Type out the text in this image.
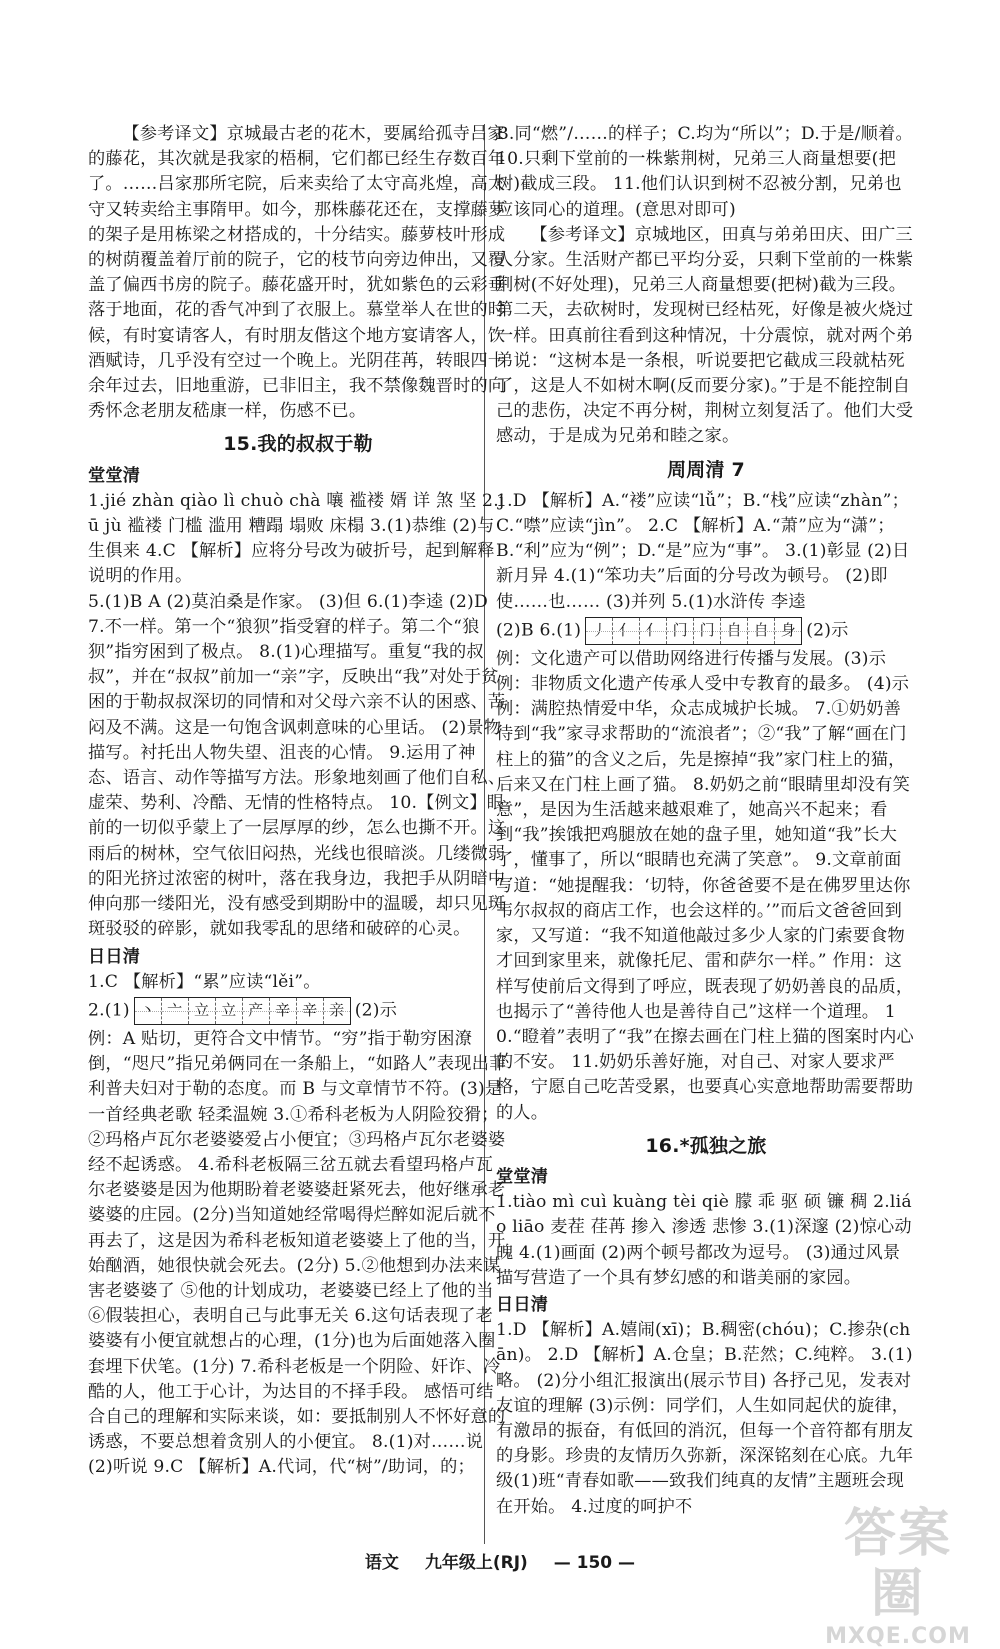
【参考译文】京城最古老的花木，要属给孤寺吕家的藤花，其次就是我家的梧桐，它们都已经生存数百年了。……吕家那所宅院，后来卖给了太守高兆煌，高太守又转卖给主事隋甲。如今，那株藤花还在，支撑藤萝的架子是用栋梁之材搭成的，十分结实。藤萝枝叶形成的树荫覆盖着厅前的院子，它的枝节向旁边伸出，又覆盖了偏西书房的院子。藤花盛开时，犹如紫色的云彩垂落于地面，花的香气冲到了衣服上。慕堂举人在世的时候，有时宴请客人，有时朋友偕这个地方宴请客人，饮酒赋诗，几乎没有空过一个晚上。光阴荏苒，转眼四十余年过去，旧地重游，已非旧主，我不禁像魏晋时的向秀怀念老朋友嵇康一样，伤感不已。

15.我的叔叔于勒
堂堂清

1.jié zhàn qiào lì chuò chà 嚷 褴褛 婿 详 煞 坚 2.jū jù 褴褛 门槛 滥用 糟蹋 塌败 床榻 3.(1)恭维 (2)与生俱来 4.C 【解析】应将分号改为破折号，起到解释说明的作用。

5.(1)B A (2)莫泊桑是作家。 (3)但 6.(1)李逵 (2)D 7.不一样。第一个“狼狈”指受窘的样子。第二个“狼狈”指穷困到了极点。 8.(1)心理描写。重复“我的叔叔”，并在“叔叔”前加一“亲”字，反映出“我”对处于贫困的于勒叔叔深切的同情和对父母六亲不认的困惑、苦闷及不满。这是一句饱含讽刺意味的心里话。 (2)景物描写。衬托出人物失望、沮丧的心情。 9.运用了神态、语言、动作等描写方法。形象地刻画了他们自私、虚荣、势利、冷酷、无情的性格特点。 10.【例文】眼前的一切似乎蒙上了一层厚厚的纱，怎么也撕不开。这雨后的树林，空气依旧闷热，光线也很暗淡。几缕微弱的阳光挤过浓密的树叶，落在我身边，我把手从阴暗中伸向那一缕阳光，没有感受到期盼中的温暖，却只见斑斑驳驳的碎影，就如我零乱的思绪和破碎的心灵。

日日清

1.C 【解析】“累”应读“lěi”。

2.(1) 丶 亠 立 立 产 辛 辛 亲 (2)示

例：A 贴切，更符合文中情节。“穷”指于勒穷困潦倒，“咫尺”指兄弟俩同在一条船上，“如路人”表现出菲利普夫妇对于勒的态度。而 B 与文章情节不符。(3)是一首经典老歌 轻柔温婉 3.①希科老板为人阴险狡猾；②玛格卢瓦尔老婆婆爱占小便宜；③玛格卢瓦尔老婆婆经不起诱惑。 4.希科老板隔三岔五就去看望玛格卢瓦尔老婆婆是因为他期盼着老婆婆赶紧死去，他好继承老婆婆的庄园。(2分)当知道她经常喝得烂醉如泥后就不再去了，这是因为希科老板知道老婆婆上了他的当，开始酗酒，她很快就会死去。(2分) 5.②他想到办法来谋害老婆婆了 ⑤他的计划成功，老婆婆已经上了他的当 ⑥假装担心，表明自己与此事无关 6.这句话表现了老婆婆有小便宜就想占的心理，(1分)也为后面她落入圈套埋下伏笔。(1分) 7.希科老板是一个阴险、奸诈、冷酷的人，他工于心计，为达目的不择手段。 感悟可结合自己的理解和实际来谈，如：要抵制别人不怀好意的诱惑，不要总想着贪别人的小便宜。 8.(1)对……说 (2)听说 9.C 【解析】A.代词，代“树”/助词，的；

B.同“燃”/……的样子；C.均为“所以”；D.于是/顺着。10.只剩下堂前的一株紫荆树，兄弟三人商量想要(把树)截成三段。 11.他们认识到树不忍被分割，兄弟也应该同心的道理。(意思对即可)

【参考译文】京城地区，田真与弟弟田庆、田广三人分家。生活财产都已平均分妥，只剩下堂前的一株紫荆树(不好处理)，兄弟三人商量想要(把树)截为三段。第二天，去砍树时，发现树已经枯死，好像是被火烧过一样。田真前往看到这种情况，十分震惊，就对两个弟弟说：“这树本是一条根，听说要把它截成三段就枯死了，这是人不如树木啊(反而要分家)。”于是不能控制自己的悲伤，决定不再分树，荆树立刻复活了。他们大受感动，于是成为兄弟和睦之家。

周周清 7

1.D 【解析】A.“褛”应读“lǚ”；B.“栈”应读“zhàn”；C.“噤”应读“jìn”。 2.C 【解析】A.“萧”应为“潇”；B.“利”应为“例”；D.“是”应为“事”。 3.(1)彰显 (2)日新月异 4.(1)“笨功夫”后面的分号改为顿号。 (2)即使……也…… (3)并列 5.(1)水浒传 李逵

(2)B 6.(1) 丿 亻 亻 门 门 自 自 身 (2)示

例：文化遗产可以借助网络进行传播与发展。(3)示例：非物质文化遗产传承人受中专教育的最多。 (4)示例：满腔热情爱中华，众志成城护长城。 7.①奶奶善待到“我”家寻求帮助的“流浪者”；②“我”了解“画在门柱上的猫”的含义之后，先是擦掉“我”家门柱上的猫，后来又在门柱上画了猫。 8.奶奶之前“眼睛里却没有笑意”，是因为生活越来越艰难了，她高兴不起来；看到“我”挨饿把鸡腿放在她的盘子里，她知道“我”长大了，懂事了，所以“眼睛也充满了笑意”。 9.文章前面写道：“她提醒我：‘切特，你爸爸要不是在佛罗里达你韦尔叔叔的商店工作，也会这样的。’”而后文爸爸回到家，又写道：“我不知道他敲过多少人家的门索要食物才回到家里来，就像托尼、雷和萨尔一样。” 作用：这样写使前后文得到了呼应，既表现了奶奶善良的品质，也揭示了“善待他人也是善待自己”这样一个道理。 10.“瞪着”表明了“我”在擦去画在门柱上猫的图案时内心的不安。 11.奶奶乐善好施，对自己、对家人要求严格，宁愿自己吃苦受累，也要真心实意地帮助需要帮助的人。

16.*孤独之旅
堂堂清

1.tiào mì cuì kuàng tèi qiè 朦 乖 驱 硕 镰 稠 2.liáo liāo 麦茬 荏苒 掺入 渗透 悲惨 3.(1)深邃 (2)惊心动魄 4.(1)画面 (2)两个顿号都改为逗号。 (3)通过风景描写营造了一个具有梦幻感的和谐美丽的家园。

日日清

1.D 【解析】A.嬉闹(xī)；B.稠密(chóu)；C.掺杂(chān)。 2.D 【解析】A.仓皇；B.茫然；C.纯粹。 3.(1)略。 (2)分小组汇报演出(展示节目) 各抒己见，发表对友谊的理解 (3)示例：同学们，人生如同起伏的旋律，有激昂的振奋，有低回的消沉，但每一个音符都有朋友的身影。珍贵的友情历久弥新，深深铭刻在心底。九年级(1)班“青春如歌——致我们纯真的友情”主题班会现在开始。 4.过度的呵护不

语文 九年级上(RJ) — 150 —	答案圈
MXQE.COM
